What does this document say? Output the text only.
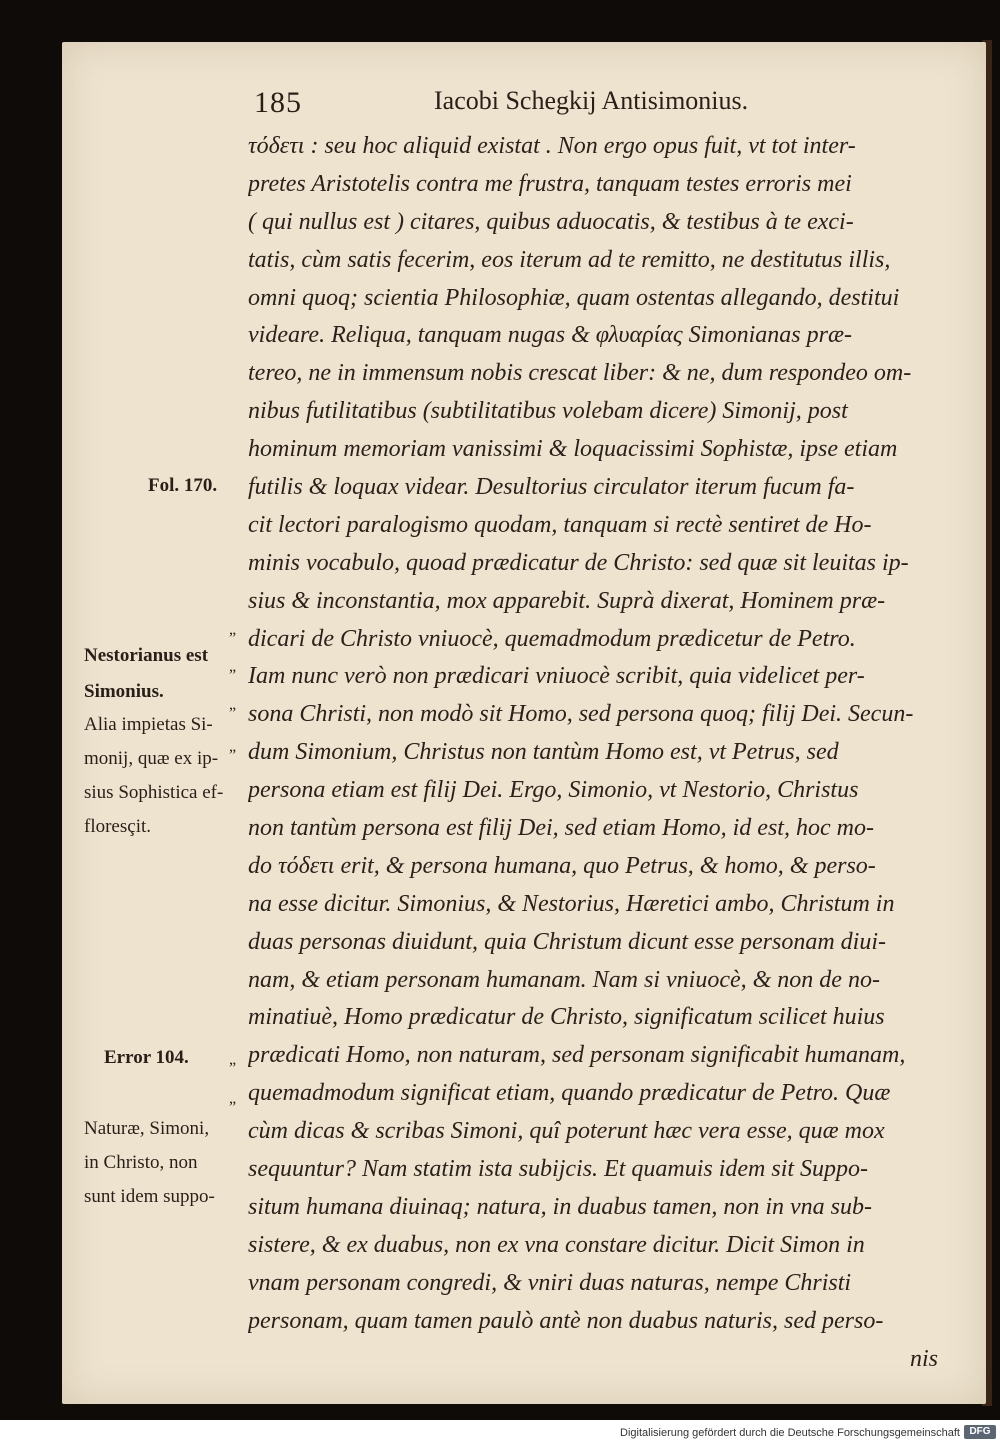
185	Iacobi Schegkij Antisimonius.
τόδετι : seu hoc aliquid existat . Non ergo opus fuit, vt tot inter-
pretes Aristotelis contra me frustra, tanquam testes erroris mei
( qui nullus est ) citares, quibus aduocatis, & testibus à te exci-
tatis, cùm satis fecerim, eos iterum ad te remitto, ne destitutus illis,
omni quoq; scientia Philosophiæ, quam ostentas allegando, destitui
videare. Reliqua, tanquam nugas & φλυαρίας Simonianas præ-
tereo, ne in immensum nobis crescat liber: & ne, dum respondeo om-
nibus futilitatibus (subtilitatibus volebam dicere) Simonij, post
hominum memoriam vanissimi & loquacissimi Sophistæ, ipse etiam
futilis & loquax videar. Desultorius circulator iterum fucum fa-
cit lectori paralogismo quodam, tanquam si rectè sentiret de Ho-
minis vocabulo, quoad prædicatur de Christo: sed quæ sit leuitas ip-
sius & inconstantia, mox apparebit. Suprà dixerat, Hominem præ-
dicari de Christo vniuocè, quemadmodum prædicetur de Petro.
Iam nunc verò non prædicari vniuocè scribit, quia videlicet per-
sona Christi, non modò sit Homo, sed persona quoq; filij Dei. Secun-
dum Simonium, Christus non tantùm Homo est, vt Petrus, sed
persona etiam est filij Dei. Ergo, Simonio, vt Nestorio, Christus
non tantùm persona est filij Dei, sed etiam Homo, id est, hoc mo-
do τόδετι erit, & persona humana, quo Petrus, & homo, & perso-
na esse dicitur. Simonius, & Nestorius, Hæretici ambo, Christum in
duas personas diuidunt, quia Christum dicunt esse personam diui-
nam, & etiam personam humanam. Nam si vniuocè, & non de no-
minatiuè, Homo prædicatur de Christo, significatum scilicet huius
prædicati Homo, non naturam, sed personam significabit humanam,
quemadmodum significat etiam, quando prædicatur de Petro. Quæ
cùm dicas & scribas Simoni, quî poterunt hæc vera esse, quæ mox
sequuntur? Nam statim ista subijcis. Et quamuis idem sit Suppo-
situm humana diuinaq; natura, in duabus tamen, non in vna sub-
sistere, & ex duabus, non ex vna constare dicitur. Dicit Simon in
vnam personam congredi, & vniri duas naturas, nempe Christi
personam, quam tamen paulò antè non duabus naturis, sed perso-
nis
„
„
„
„
„
„

Fol. 170.

Nestorianus est
Simonius.

Alia impietas Si-
monij, quæ ex ip-
sius Sophistica ef-
floresçit.

Error 104.

Naturæ, Simoni,
in Christo, non
sunt idem suppo-

Digitalisierung gefördert durch die Deutsche Forschungsgemeinschaft DFG
